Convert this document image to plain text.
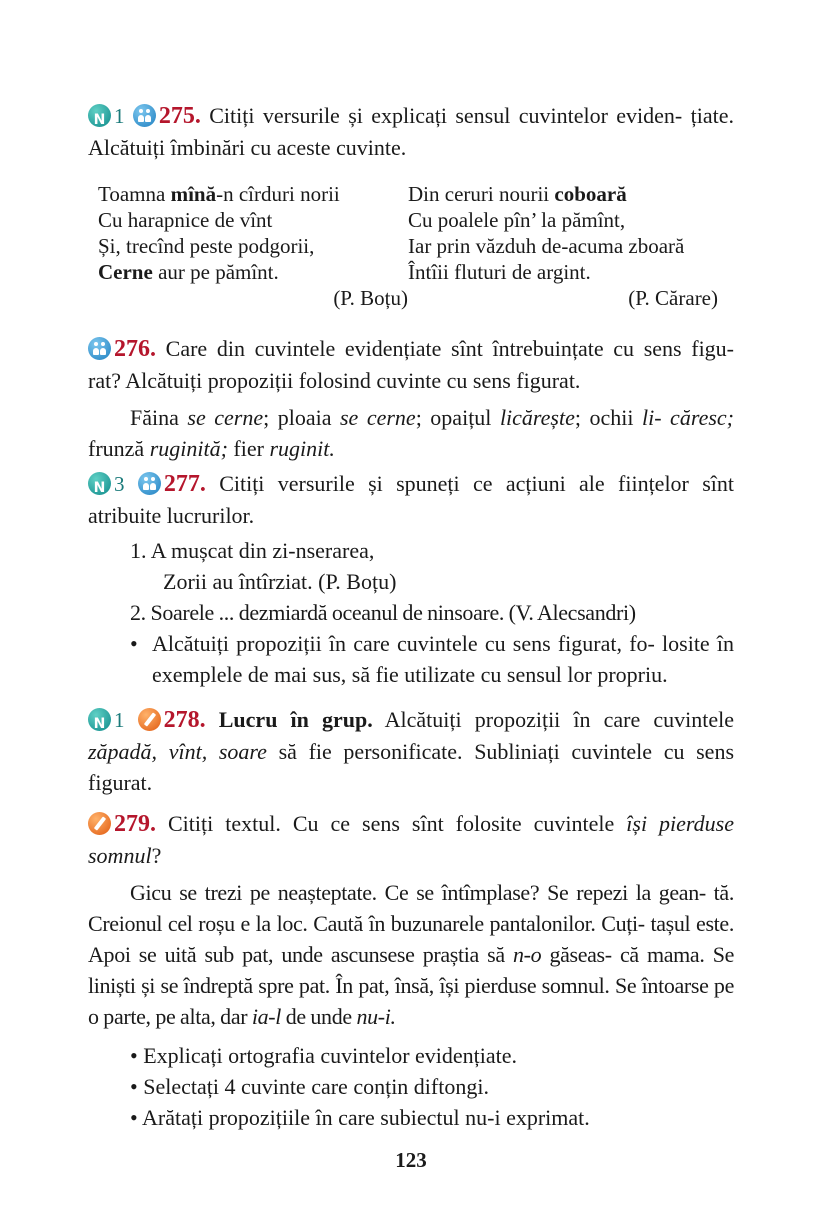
N1 275. Citiți versurile și explicați sensul cuvintelor eviden- țiate. Alcătuiți îmbinări cu aceste cuvinte.

Toamna mînă-n cîrduri norii
Cu harapnice de vînt
Și, trecînd peste podgorii,
Cerne aur pe pămînt.
(P. Boțu)
Din ceruri nourii coboară
Cu poalele pîn’ la pămînt,
Iar prin văzduh de-acuma zboară
Întîii fluturi de argint.
(P. Cărare)

276. Care din cuvintele evidențiate sînt întrebuințate cu sens figu- rat? Alcătuiți propoziții folosind cuvinte cu sens figurat.

Făina se cerne; ploaia se cerne; opaițul licărește; ochii li- căresc; frunză ruginită; fier ruginit.

N3 277. Citiți versurile și spuneți ce acțiuni ale ființelor sînt atribuite lucrurilor.

1. A mușcat din zi-nserarea,
Zorii au întîrziat. (P. Boțu)
2. Soarele ... dezmiardă oceanul de ninsoare. (V. Alecsandri)
• Alcătuiți propoziții în care cuvintele cu sens figurat, fo- losite în exemplele de mai sus, să fie utilizate cu sensul lor propriu.

N1 278. Lucru în grup. Alcătuiți propoziții în care cuvintele zăpadă, vînt, soare să fie personificate. Subliniați cuvintele cu sens figurat.

279. Citiți textul. Cu ce sens sînt folosite cuvintele își pierduse somnul?

Gicu se trezi pe neașteptate. Ce se întîmplase? Se repezi la gean- tă. Creionul cel roșu e la loc. Caută în buzunarele pantalonilor. Cuți- tașul este. Apoi se uită sub pat, unde ascunsese praștia să n-o găseas- că mama. Se liniști și se îndreptă spre pat. În pat, însă, își pierduse somnul. Se întoarse pe o parte, pe alta, dar ia-l de unde nu-i.

• Explicați ortografia cuvintelor evidențiate.
• Selectați 4 cuvinte care conțin diftongi.
• Arătați propozițiile în care subiectul nu-i exprimat.
123
